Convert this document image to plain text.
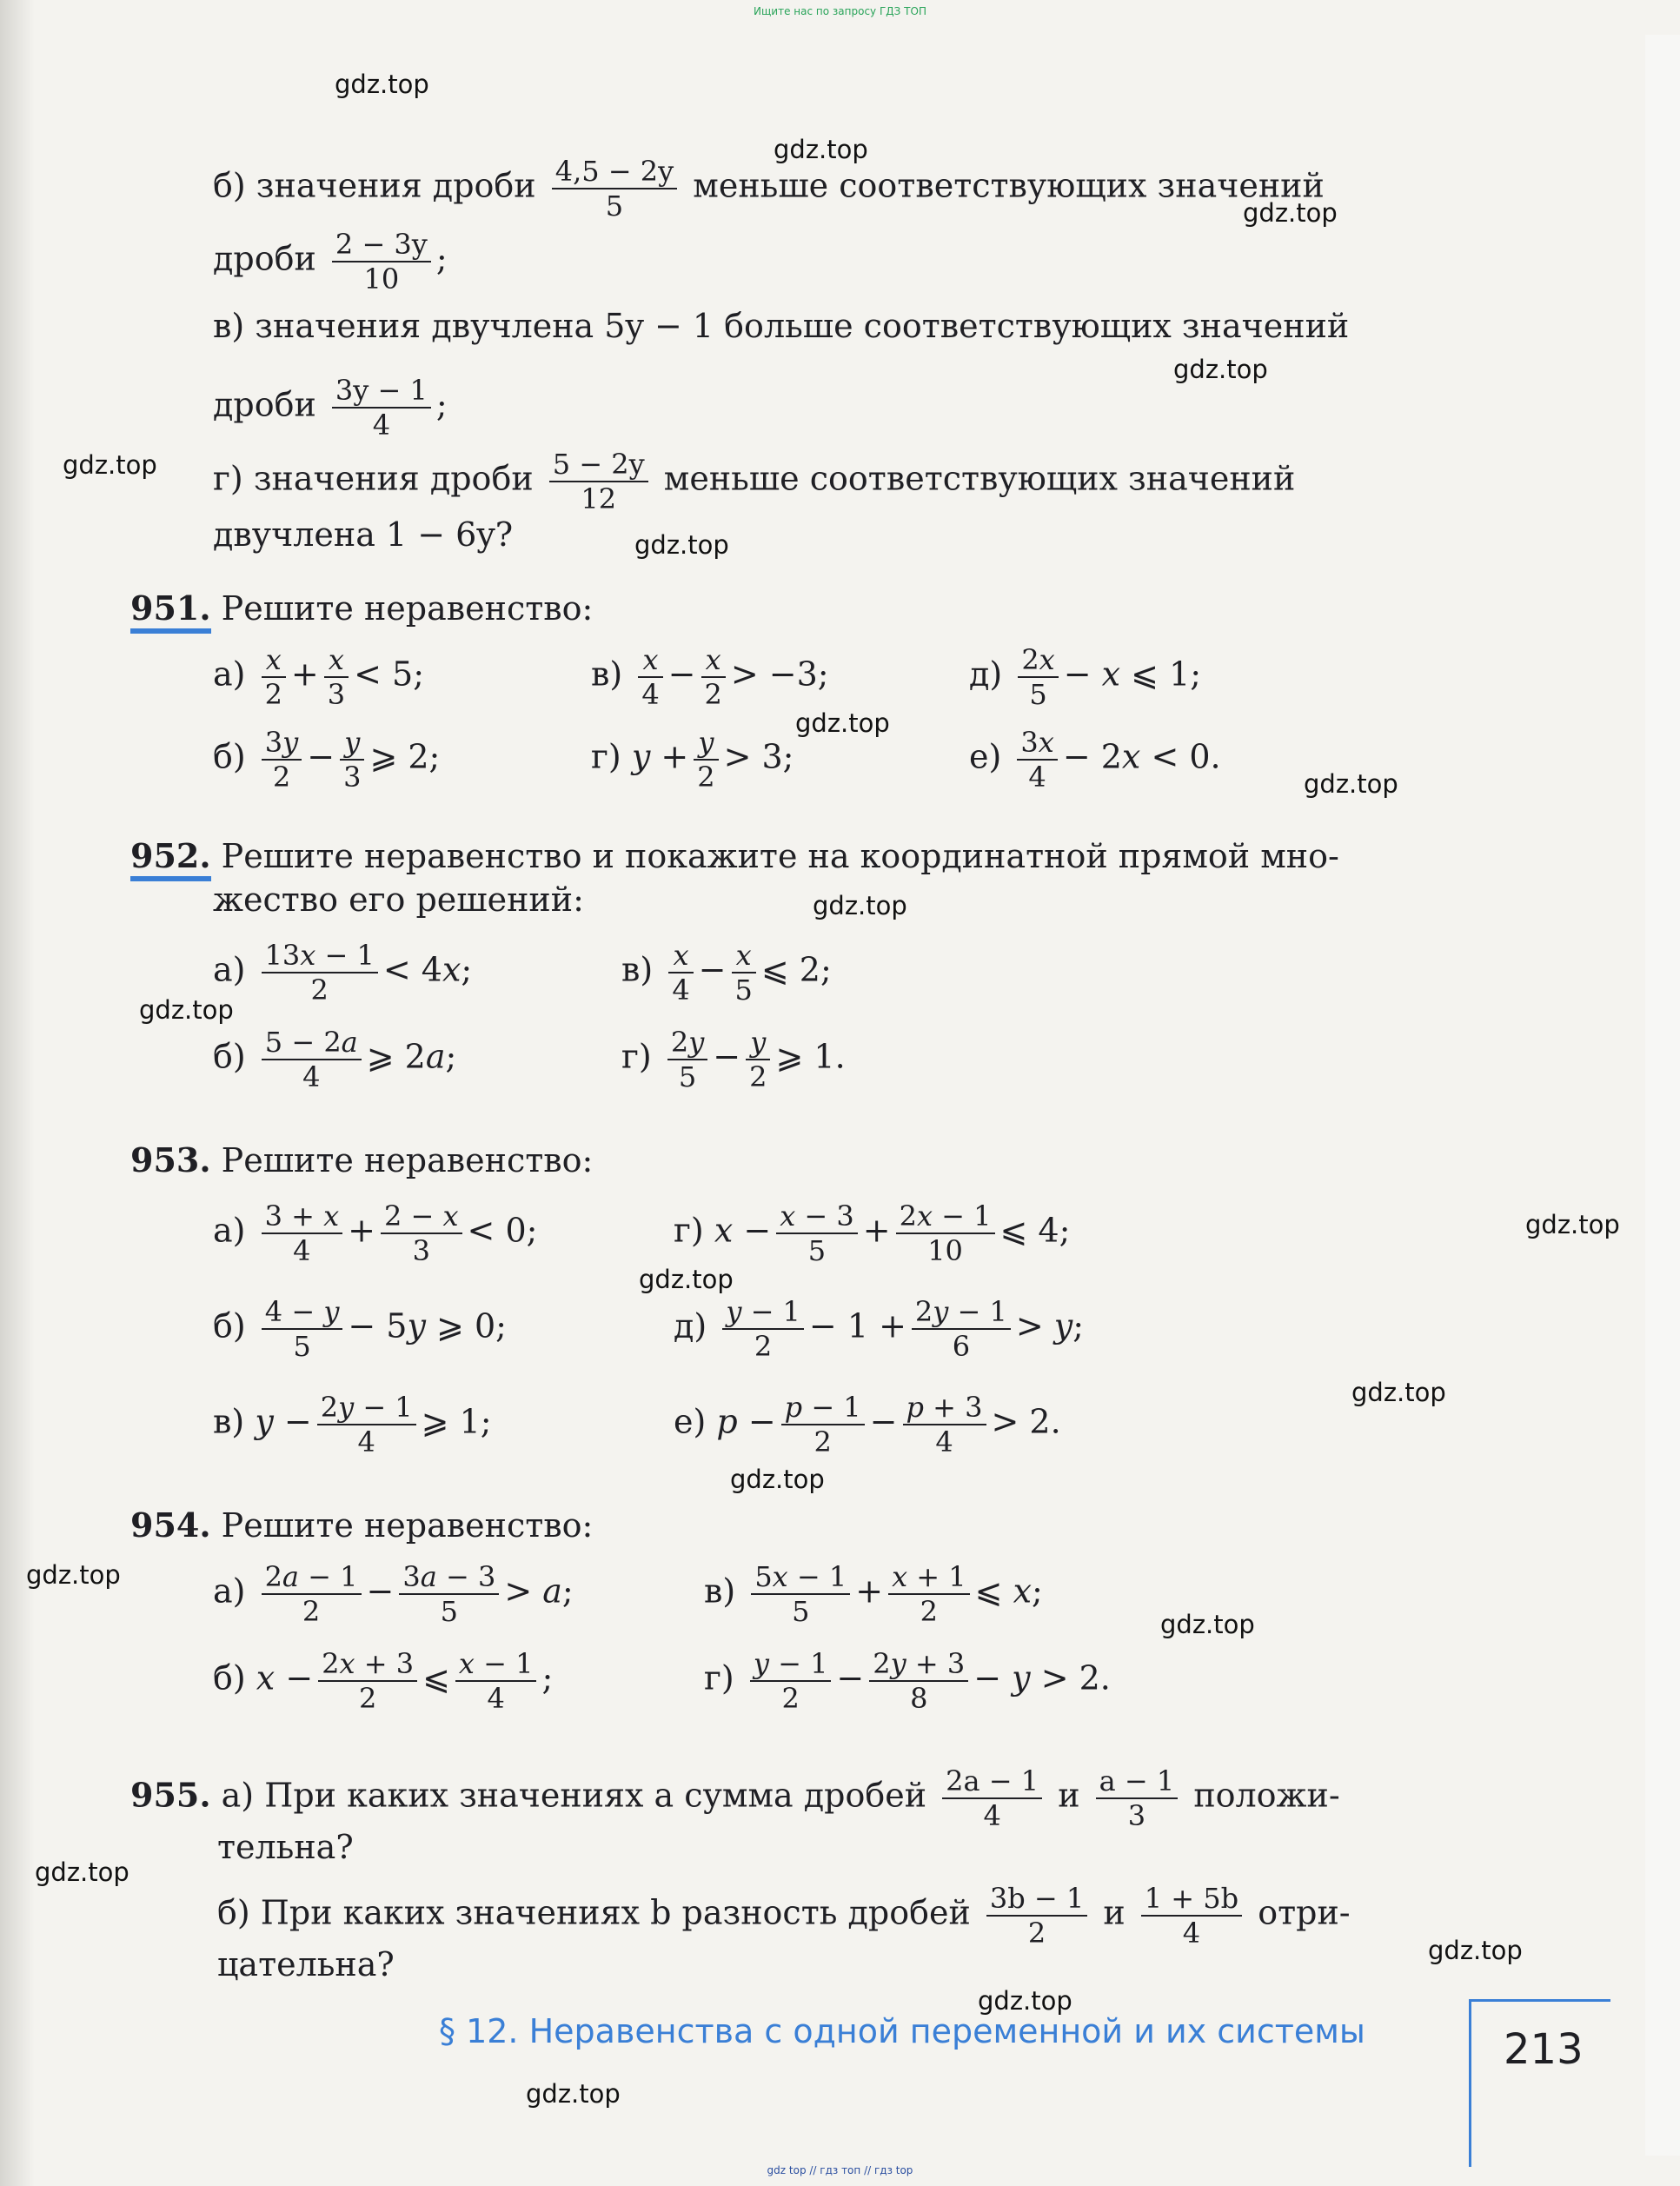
Ищите нас по запросу ГДЗ ТОП
gdz.top
gdz.top
gdz.top
gdz.top
gdz.top
gdz.top
gdz.top
gdz.top
gdz.top
gdz.top
gdz.top
gdz.top
gdz.top
gdz.top
gdz.top
gdz.top
gdz.top
gdz.top
gdz.top
gdz.top
б) значения дроби $\frac{4,5 - 2y}{5}$ меньше соответствующих значений
дроби $\frac{2 - 3y}{10}$ ;
в) значения двучлена 5y − 1 больше соответствующих значений
дроби $\frac{3y - 1}{4}$ ;
г) значения дроби $\frac{5 - 2y}{12}$ меньше соответствующих значений
двучлена 1 − 6y?
951. Решите неравенство:
$а) \frac{x}{2} + \frac{x}{3} < 5$;	$в) \frac{x}{4} - \frac{x}{2} > -3$;	$д) \frac{2x}{5} - x$ ⩽ 1;
$б) \frac{3y}{2} - \frac{y}{3}$ ⩾ 2;	г) $y + \frac{y}{2} > 3$;	$е) \frac{3x}{4} - 2x < 0$.
952. Решите неравенство и покажите на координатной прямой мно-
жество его решений:
$а) \frac{13x - 1}{2} < 4x$;	$в) \frac{x}{4} - \frac{x}{5}$ ⩽ 2;
$б) \frac{5 - 2a}{4}$ ⩾ 2a;	$г) \frac{2y}{5} - \frac{y}{2}$ ⩾ 1.
953. Решите неравенство:
$а) \frac{3 + x}{4} + \frac{2 - x}{3} < 0$;	г) $x - \frac{x - 3}{5} + \frac{2x - 1}{10}$ ⩽ 4;
$б) \frac{4 - y}{5} - 5y$ ⩾ 0;	$д) \frac{y - 1}{2} - 1 + \frac{2y - 1}{6} > y$;
в) $y - \frac{2y - 1}{4}$ ⩾ 1;	е) $p - \frac{p - 1}{2} - \frac{p + 3}{4} > 2$.
954. Решите неравенство:
$а) \frac{2a - 1}{2} - \frac{3a - 3}{5} > a$;	$в) \frac{5x - 1}{5} + \frac{x + 1}{2}$ ⩽ x;
б) $x - \frac{2x + 3}{2}$ ⩽ $\frac{x - 1}{4}$ ;	$г) \frac{y - 1}{2} - \frac{2y + 3}{8} - y > 2$.
955. а) При каких значениях a сумма дробей $\frac{2a - 1}{4}$ и $\frac{a - 1}{3}$ положи-
тельна?
б) При каких значениях b разность дробей $\frac{3b - 1}{2}$ и $\frac{1 + 5b}{4}$ отри-
цательна?
§ 12. Неравенства с одной переменной и их системы	213
gdz top // гдз топ // гдз top
